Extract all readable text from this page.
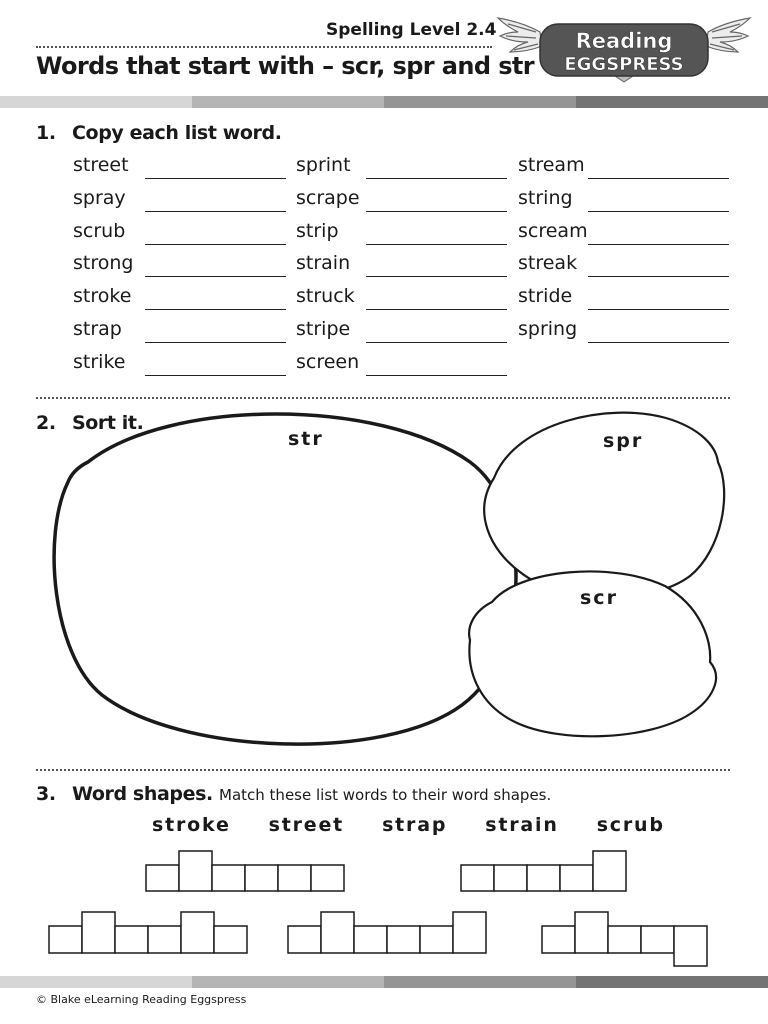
Spelling Level 2.4
Words that start with – scr, spr and str
Reading
EGGSPRESS
1. Copy each list word.
street
spray
scrub
strong
stroke
strap
strike
sprint
scrape
strip
strain
struck
stripe
screen
stream
string
scream
streak
stride
spring
2. Sort it.
str	spr
scr
3. Word shapes. Match these list words to their word shapes.
stroke street strap strain scrub
© Blake eLearning Reading Eggspress
